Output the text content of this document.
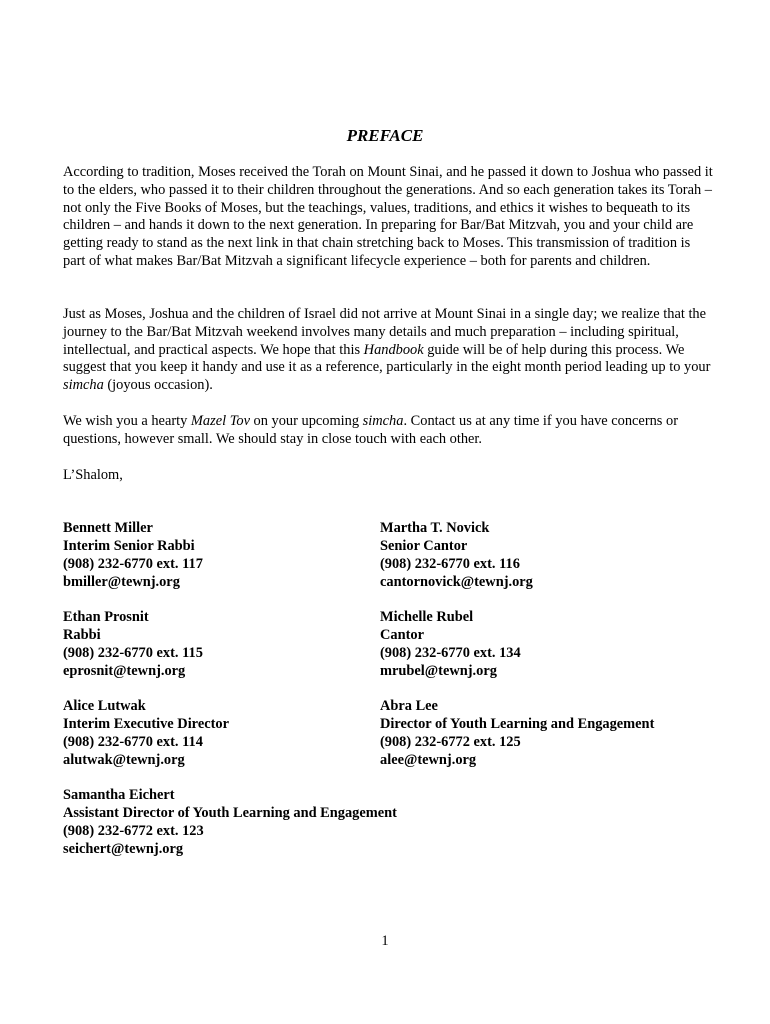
PREFACE

According to tradition, Moses received the Torah on Mount Sinai, and he passed it down to Joshua who passed it to the elders, who passed it to their children throughout the generations. And so each generation takes its Torah – not only the Five Books of Moses, but the teachings, values, traditions, and ethics it wishes to bequeath to its children – and hands it down to the next generation. In preparing for Bar/Bat Mitzvah, you and your child are getting ready to stand as the next link in that chain stretching back to Moses. This transmission of tradition is part of what makes Bar/Bat Mitzvah a significant lifecycle experience – both for parents and children.

Just as Moses, Joshua and the children of Israel did not arrive at Mount Sinai in a single day; we realize that the journey to the Bar/Bat Mitzvah weekend involves many details and much preparation – including spiritual, intellectual, and practical aspects. We hope that this Handbook guide will be of help during this process. We suggest that you keep it handy and use it as a reference, particularly in the eight month period leading up to your simcha (joyous occasion).

We wish you a hearty Mazel Tov on your upcoming simcha. Contact us at any time if you have concerns or questions, however small. We should stay in close touch with each other.

L’Shalom,
Bennett Miller
Interim Senior Rabbi
(908) 232-6770 ext. 117
bmiller@tewnj.org
Martha T. Novick
Senior Cantor
(908) 232-6770 ext. 116
cantornovick@tewnj.org
Ethan Prosnit
Rabbi
(908) 232-6770 ext. 115
eprosnit@tewnj.org
Michelle Rubel
Cantor
(908) 232-6770 ext. 134
mrubel@tewnj.org
Alice Lutwak
Interim Executive Director
(908) 232-6770 ext. 114
alutwak@tewnj.org
Abra Lee
Director of Youth Learning and Engagement
(908) 232-6772 ext. 125
alee@tewnj.org
Samantha Eichert
Assistant Director of Youth Learning and Engagement
(908) 232-6772 ext. 123
seichert@tewnj.org
1
